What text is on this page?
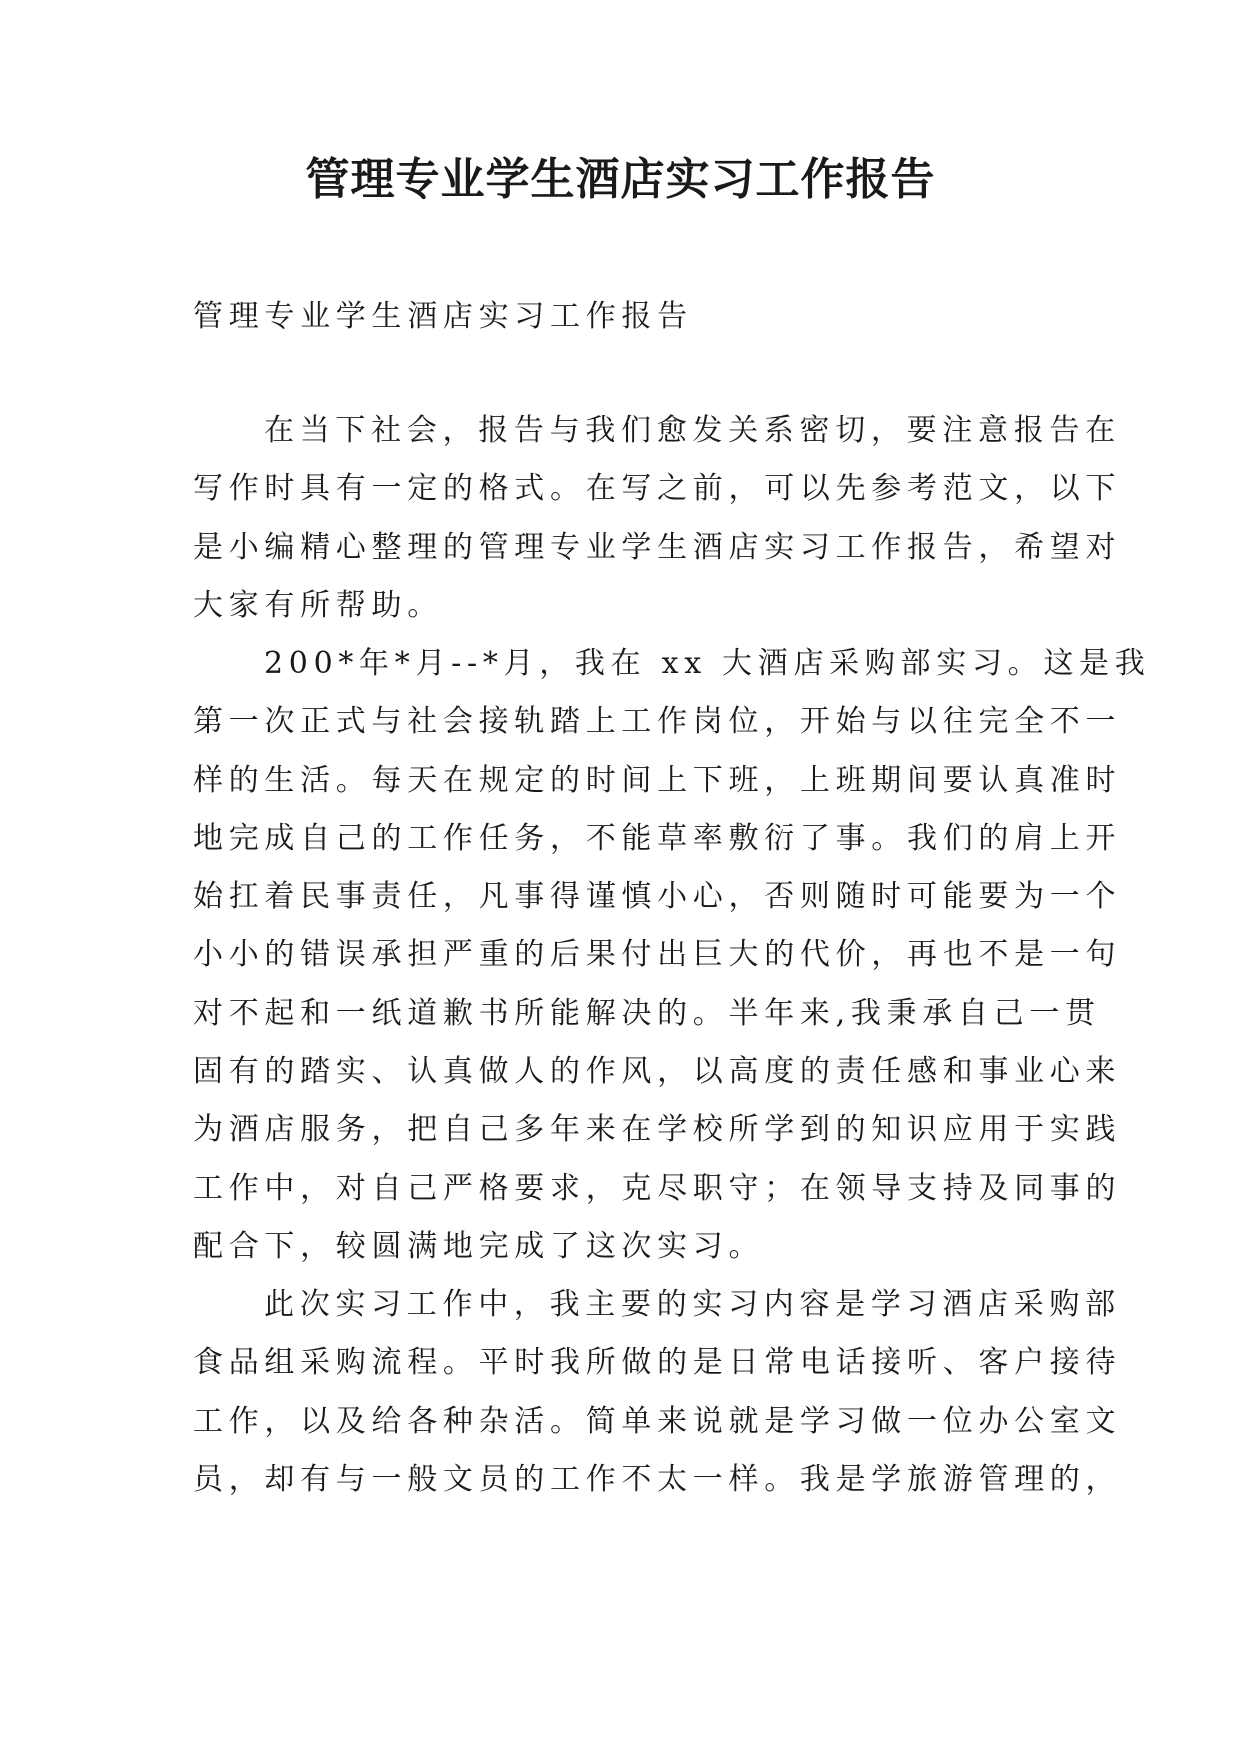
管理专业学生酒店实习工作报告

管理专业学生酒店实习工作报告

在当下社会，报告与我们愈发关系密切，要注意报告在
写作时具有一定的格式。在写之前，可以先参考范文，以下
是小编精心整理的管理专业学生酒店实习工作报告，希望对
大家有所帮助。

200*年*月--*月，我在 xx 大酒店采购部实习。这是我
第一次正式与社会接轨踏上工作岗位，开始与以往完全不一
样的生活。每天在规定的时间上下班，上班期间要认真准时
地完成自己的工作任务，不能草率敷衍了事。我们的肩上开
始扛着民事责任，凡事得谨慎小心，否则随时可能要为一个
小小的错误承担严重的后果付出巨大的代价，再也不是一句
对不起和一纸道歉书所能解决的。半年来,我秉承自己一贯
固有的踏实、认真做人的作风，以高度的责任感和事业心来
为酒店服务，把自己多年来在学校所学到的知识应用于实践
工作中，对自己严格要求，克尽职守；在领导支持及同事的
配合下，较圆满地完成了这次实习。

此次实习工作中，我主要的实习内容是学习酒店采购部
食品组采购流程。平时我所做的是日常电话接听、客户接待
工作，以及给各种杂活。简单来说就是学习做一位办公室文
员，却有与一般文员的工作不太一样。我是学旅游管理的，
